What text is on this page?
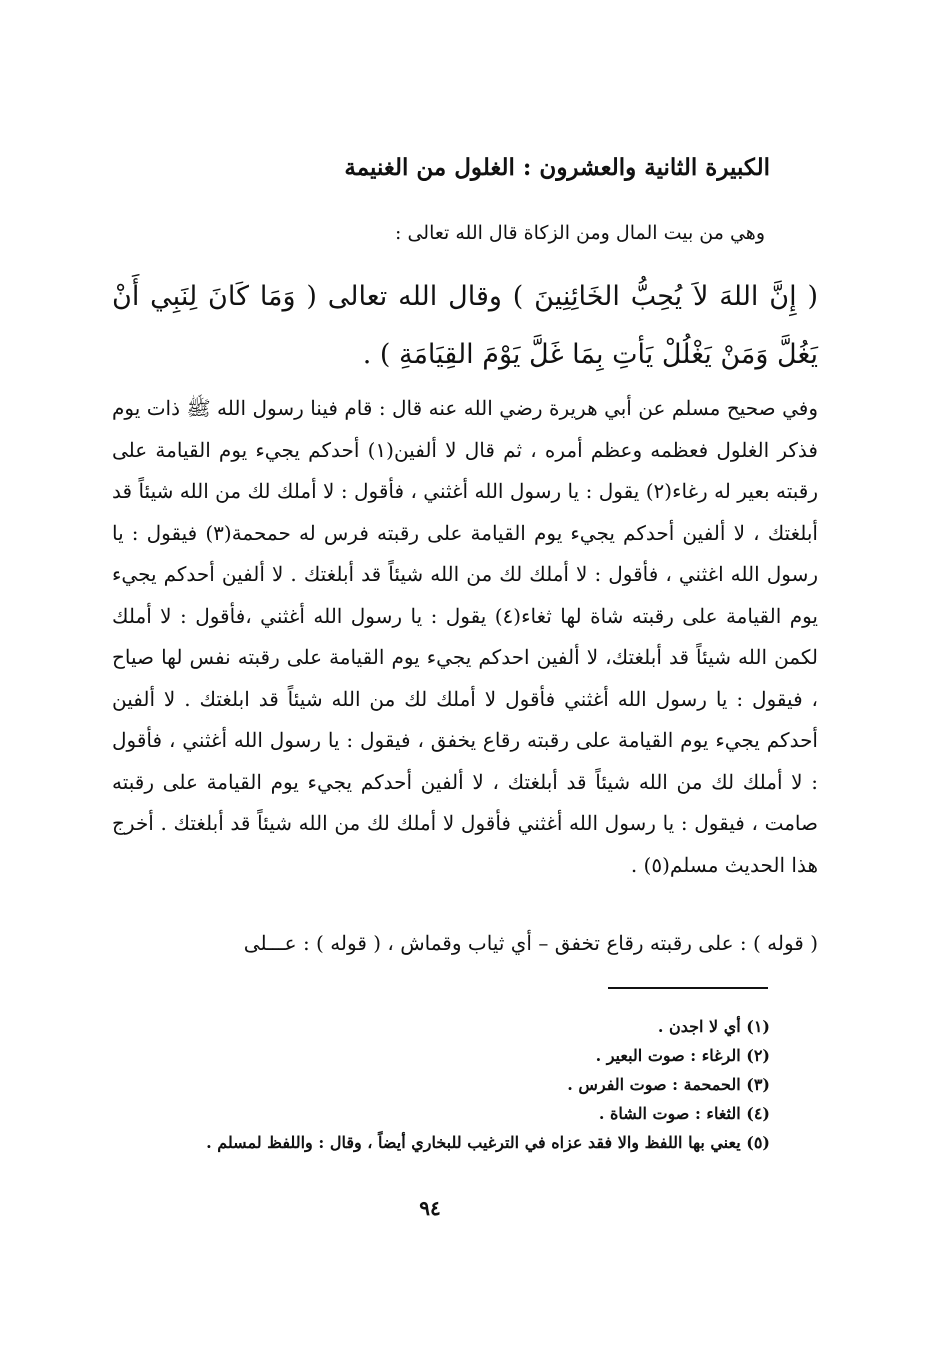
الكبيرة الثانية والعشرون : الغلول من الغنيمة
وهي من بيت المال ومن الزكاة قال الله تعالى :
( إِنَّ اللهَ لاَ يُحِبُّ الخَائِنِينَ ) وقال الله تعالى ( وَمَا كَانَ لِنَبِي أَنْ يَغُلَّ وَمَنْ يَغْلُلْ يَأتِ بِمَا غَلَّ يَوْمَ القِيَامَةِ ) .
وفي صحيح مسلم عن أبي هريرة رضي الله عنه قال : قام فينا رسول الله ﷺ ذات يوم فذكر الغلول فعظمه وعظم أمره ، ثم قال لا ألفين(١) أحدكم يجيء يوم القيامة على رقبته بعير له رغاء(٢) يقول : يا رسول الله أغثني ، فأقول : لا أملك لك من الله شيئاً قد أبلغتك ، لا ألفين أحدكم يجيء يوم القيامة على رقبته فرس له حمحمة(٣) فيقول : يا رسول الله اغثني ، فأقول : لا أملك لك من الله شيئاً قد أبلغتك . لا ألفين أحدكم يجيء يوم القيامة على رقبته شاة لها ثغاء(٤) يقول : يا رسول الله أغثني ،فأقول : لا أملك لكمن الله شيئاً قد أبلغتك، لا ألفين احدكم يجيء يوم القيامة على رقبته نفس لها صياح ، فيقول : يا رسول الله أغثني فأقول لا أملك لك من الله شيئاً قد ابلغتك . لا ألفين أحدكم يجيء يوم القيامة على رقبته رقاع يخفق ، فيقول : يا رسول الله أغثني ، فأقول : لا أملك لك من الله شيئاً قد أبلغتك ، لا ألفين أحدكم يجيء يوم القيامة على رقبته صامت ، فيقول : يا رسول الله أغثني فأقول لا أملك لك من الله شيئاً قد أبلغتك . أخرج هذا الحديث مسلم(٥) .
( قوله ) : على رقبته رقاع تخفق – أي ثياب وقماش ، ( قوله ) : عـــلى
(١) أي لا اجدن .
(٢) الرغاء : صوت البعير .
(٣) الحمحمة : صوت الفرس .
(٤) الثغاء : صوت الشاة .
(٥) يعني بها اللفظ والا فقد عزاه في الترغيب للبخاري أيضاً ، وقال : واللفظ لمسلم .
٩٤
